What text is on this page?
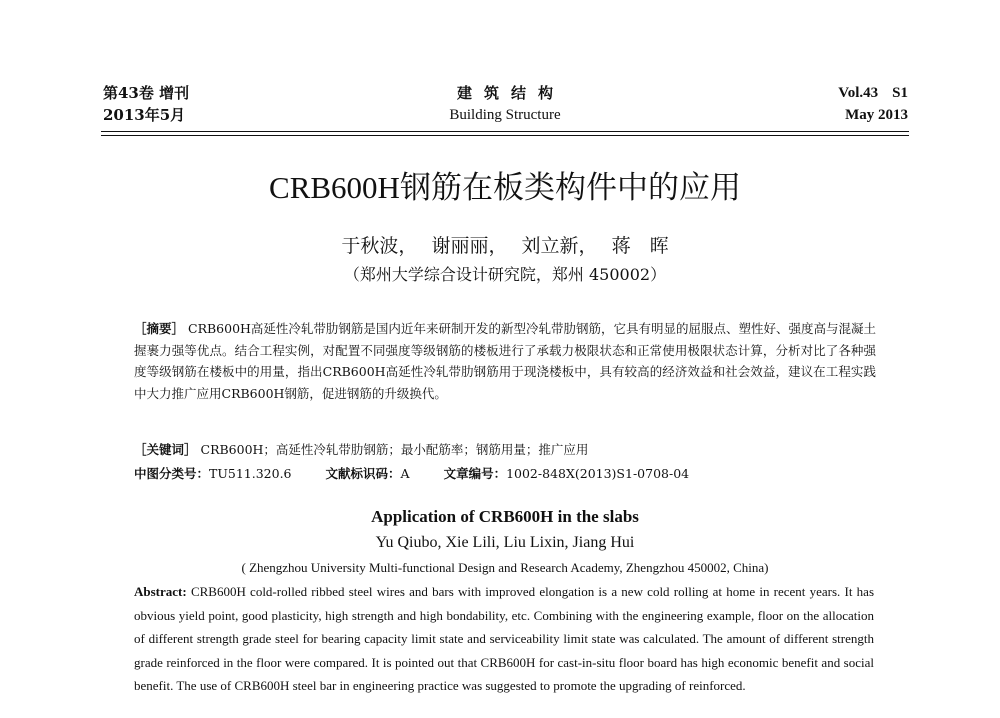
第43卷 增刊
2013年5月
建筑结构
Building Structure
Vol.43 S1
May 2013
CRB600H钢筋在板类构件中的应用
于秋波， 谢丽丽， 刘立新， 蒋　晖
（郑州大学综合设计研究院，郑州 450002）
［摘要］ CRB600H高延性冷轧带肋钢筋是国内近年来研制开发的新型冷轧带肋钢筋，它具有明显的屈服点、塑性好、强度高与混凝土握裹力强等优点。结合工程实例，对配置不同强度等级钢筋的楼板进行了承载力极限状态和正常使用极限状态计算，分析对比了各种强度等级钢筋在楼板中的用量，指出CRB600H高延性冷轧带肋钢筋用于现浇楼板中，具有较高的经济效益和社会效益，建议在工程实践中大力推广应用CRB600H钢筋，促进钢筋的升级换代。
［关键词］ CRB600H；高延性冷轧带肋钢筋；最小配筋率；钢筋用量；推广应用
中图分类号：TU511.320.6	文献标识码：A	文章编号：1002-848X(2013)S1-0708-04
Application of CRB600H in the slabs
Yu Qiubo, Xie Lili, Liu Lixin, Jiang Hui
( Zhengzhou University Multi-functional Design and Research Academy, Zhengzhou 450002, China)
Abstract: CRB600H cold-rolled ribbed steel wires and bars with improved elongation is a new cold rolling at home in recent years. It has obvious yield point, good plasticity, high strength and high bondability, etc. Combining with the engineering example, floor on the allocation of different strength grade steel for bearing capacity limit state and serviceability limit state was calculated. The amount of different strength grade reinforced in the floor were compared. It is pointed out that CRB600H for cast-in-situ floor board has high economic benefit and social benefit. The use of CRB600H steel bar in engineering practice was suggested to promote the upgrading of reinforced.
